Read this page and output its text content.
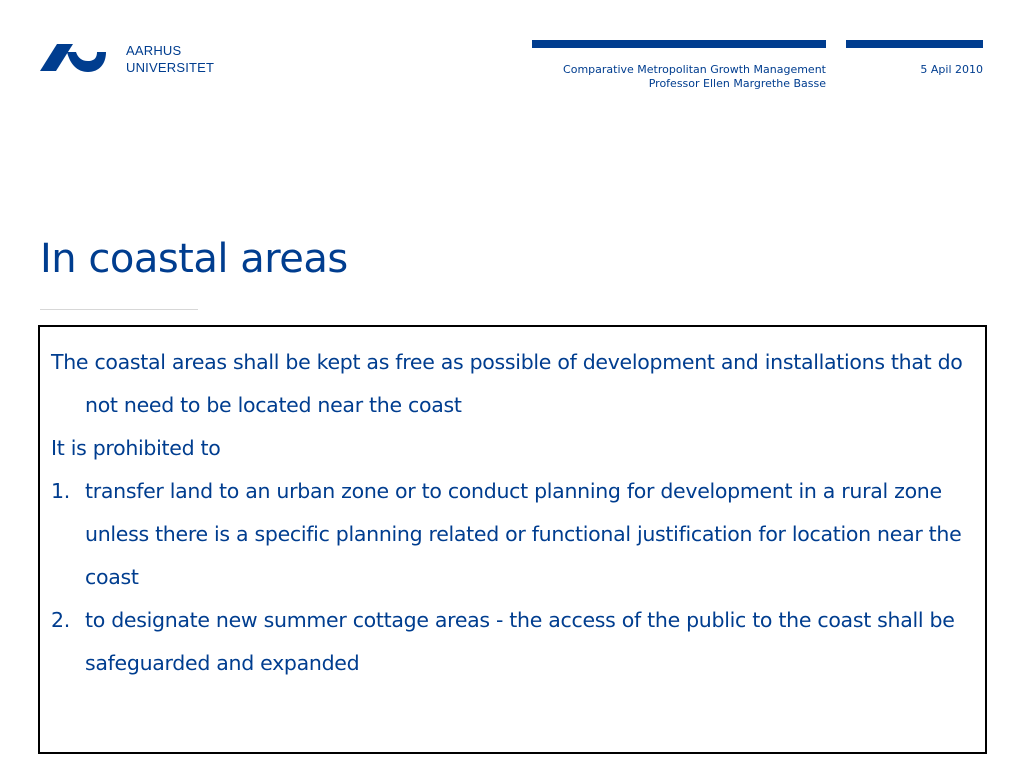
AARHUS
UNIVERSITET	Comparative Metropolitan Growth Management
Professor Ellen Margrethe Basse
5 Apil 2010
In coastal areas

The coastal areas shall be kept as free as possible of development and installations that do not need to be located near the coast

It is prohibited to

1. transfer land to an urban zone or to conduct planning for development in a rural zone unless there is a specific planning related or functional justification for location near the coast
2. to designate new summer cottage areas - the access of the public to the coast shall be safeguarded and expanded
